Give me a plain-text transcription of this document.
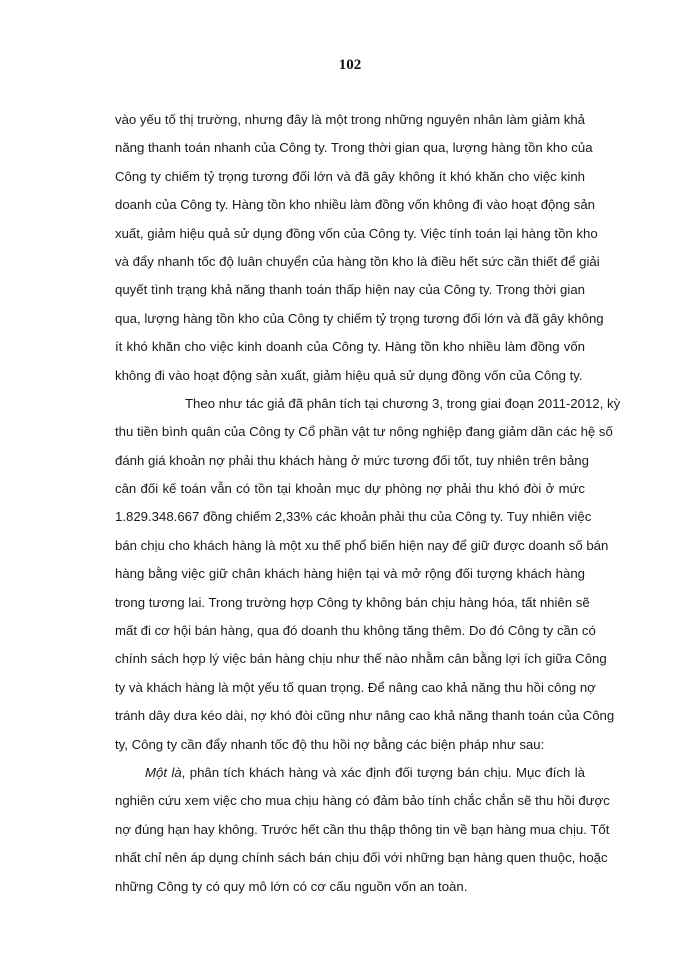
102
vào yếu tố thị trường, nhưng đây là một trong những nguyên nhân làm giảm khả
năng thanh toán nhanh của Công ty. Trong thời gian qua, lượng hàng tồn kho của
Công ty chiếm tỷ trọng tương đối lớn và đã gây không ít khó khăn cho việc kinh
doanh của Công ty. Hàng tồn kho nhiều làm đồng vốn không đi vào hoạt động sản
xuất, giảm hiệu quả sử dụng đồng vốn của Công ty. Việc tính toán lại hàng tồn kho
và đẩy nhanh tốc độ luân chuyển của hàng tồn kho là điều hết sức cần thiết để giải
quyết tình trạng khả năng thanh toán thấp hiện nay của Công ty. Trong thời gian
qua, lượng hàng tồn kho của Công ty chiếm tỷ trọng tương đối lớn và đã gây không
ít khó khăn cho việc kinh doanh của Công ty. Hàng tồn kho nhiều làm đồng vốn
không đi vào hoạt động sản xuất, giảm hiệu quả sử dụng đồng vốn của Công ty.
Theo như tác giả đã phân tích tại chương 3, trong giai đoạn 2011-2012, kỳ
thu tiền bình quân của Công ty Cổ phần vật tư nông nghiệp đang giảm dần các hệ số
đánh giá khoản nợ phải thu khách hàng ở mức tương đối tốt, tuy nhiên trên bảng
cân đối kế toán vẫn có tồn tại khoản mục dự phòng nợ phải thu khó đòi ở mức
1.829.348.667 đồng chiếm 2,33% các khoản phải thu của Công ty. Tuy nhiên việc
bán chịu cho khách hàng là một xu thế phổ biến hiện nay để giữ được doanh số bán
hàng bằng việc giữ chân khách hàng hiện tại và mở rộng đối tượng khách hàng
trong tương lai. Trong trường hợp Công ty không bán chịu hàng hóa, tất nhiên sẽ
mất đi cơ hội bán hàng, qua đó doanh thu không tăng thêm. Do đó Công ty cần có
chính sách hợp lý việc bán hàng chịu như thế nào nhằm cân bằng lợi ích giữa Công
ty và khách hàng là một yếu tố quan trọng. Để nâng cao khả năng thu hồi công nợ
tránh dây dưa kéo dài, nợ khó đòi cũng như nâng cao khả năng thanh toán của Công
ty, Công ty cần đẩy nhanh tốc độ thu hồi nợ bằng các biện pháp như sau:
Một là, phân tích khách hàng và xác định đối tượng bán chịu. Mục đích là
nghiên cứu xem việc cho mua chịu hàng có đảm bảo tính chắc chắn sẽ thu hồi được
nợ đúng hạn hay không. Trước hết cần thu thập thông tin về bạn hàng mua chịu. Tốt
nhất chỉ nên áp dụng chính sách bán chịu đối với những bạn hàng quen thuộc, hoặc
những Công ty có quy mô lớn có cơ cấu nguồn vốn an toàn.
